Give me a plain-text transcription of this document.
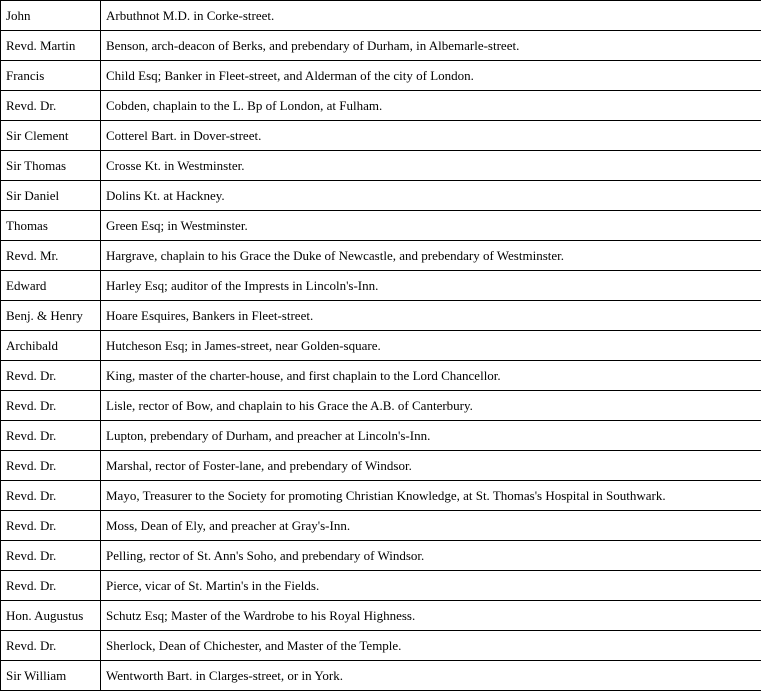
John	Arbuthnot M.D. in Corke-street.
Revd. Martin	Benson, arch-deacon of Berks, and prebendary of Durham, in Albemarle-street.
Francis	Child Esq; Banker in Fleet-street, and Alderman of the city of London.
Revd. Dr.	Cobden, chaplain to the L. Bp of London, at Fulham.
Sir Clement	Cotterel Bart. in Dover-street.
Sir Thomas	Crosse Kt. in Westminster.
Sir Daniel	Dolins Kt. at Hackney.
Thomas	Green Esq; in Westminster.
Revd. Mr.	Hargrave, chaplain to his Grace the Duke of Newcastle, and prebendary of Westminster.
Edward	Harley Esq; auditor of the Imprests in Lincoln's-Inn.
Benj. & Henry	Hoare Esquires, Bankers in Fleet-street.
Archibald	Hutcheson Esq; in James-street, near Golden-square.
Revd. Dr.	King, master of the charter-house, and first chaplain to the Lord Chancellor.
Revd. Dr.	Lisle, rector of Bow, and chaplain to his Grace the A.B. of Canterbury.
Revd. Dr.	Lupton, prebendary of Durham, and preacher at Lincoln's-Inn.
Revd. Dr.	Marshal, rector of Foster-lane, and prebendary of Windsor.
Revd. Dr.	Mayo, Treasurer to the Society for promoting Christian Knowledge, at St. Thomas's Hospital in Southwark.
Revd. Dr.	Moss, Dean of Ely, and preacher at Gray's-Inn.
Revd. Dr.	Pelling, rector of St. Ann's Soho, and prebendary of Windsor.
Revd. Dr.	Pierce, vicar of St. Martin's in the Fields.
Hon. Augustus	Schutz Esq; Master of the Wardrobe to his Royal Highness.
Revd. Dr.	Sherlock, Dean of Chichester, and Master of the Temple.
Sir William	Wentworth Bart. in Clarges-street, or in York.
